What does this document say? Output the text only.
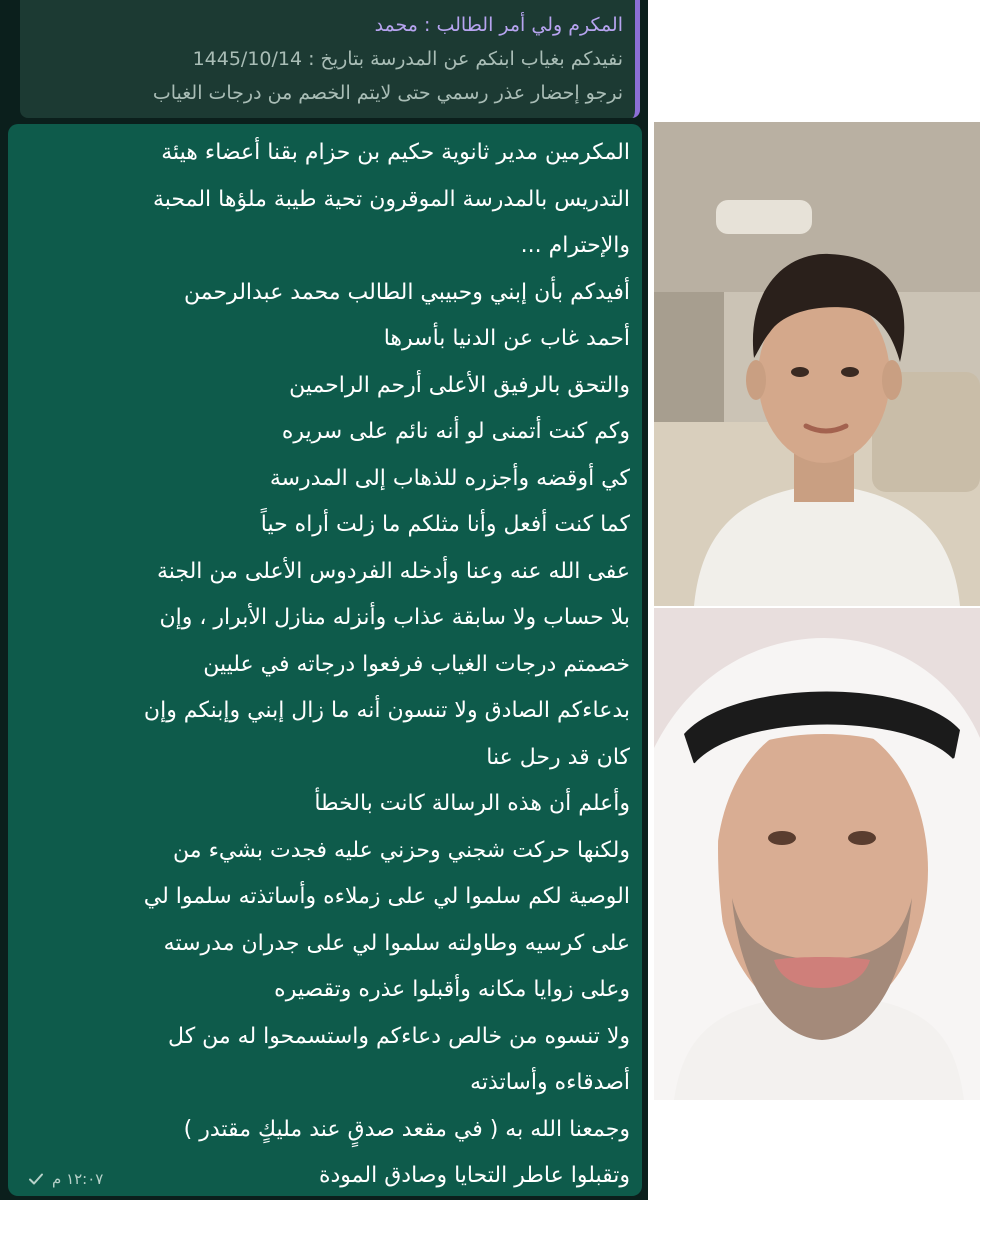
المكرم ولي أمر الطالب : محمد
نفيدكم بغياب ابنكم عن المدرسة بتاريخ : 1445/10/14
نرجو إحضار عذر رسمي حتى لايتم الخصم من درجات الغياب
المكرمين مدير ثانوية حكيم بن حزام بقنا أعضاء هيئة
التدريس بالمدرسة الموقرون تحية طيبة ملؤها المحبة
والإحترام ...
أفيدكم بأن إبني وحبيبي الطالب محمد عبدالرحمن
أحمد غاب عن الدنيا بأسرها
والتحق بالرفيق الأعلى أرحم الراحمين
وكم كنت أتمنى لو أنه نائم على سريره
كي أوقضه وأجزره للذهاب إلى المدرسة
كما كنت أفعل وأنا مثلكم ما زلت أراه حياً
عفى الله عنه وعنا وأدخله الفردوس الأعلى من الجنة
بلا حساب ولا سابقة عذاب وأنزله منازل الأبرار ، وإن
خصمتم درجات الغياب فرفعوا درجاته في عليين
بدعاءكم الصادق ولا تنسون أنه ما زال إبني وإبنكم وإن
كان قد رحل عنا
وأعلم أن هذه الرسالة كانت بالخطأ
ولكنها حركت شجني وحزني عليه فجدت بشيء من
الوصية لكم سلموا لي على زملاءه وأساتذته سلموا لي
على كرسيه وطاولته سلموا لي على جدران مدرسته
وعلى زوايا مكانه وأقبلوا عذره وتقصيره
ولا تنسوه من خالص دعاءكم واستسمحوا له من كل
أصدقاءه وأساتذته
وجمعنا الله به ( في مقعد صدقٍ عند مليكٍ مقتدر )
وتقبلوا عاطر التحايا وصادق المودة
ولي أمر الفقيد محمد عبدالرحمن أحمد
١٢:٠٧ م
